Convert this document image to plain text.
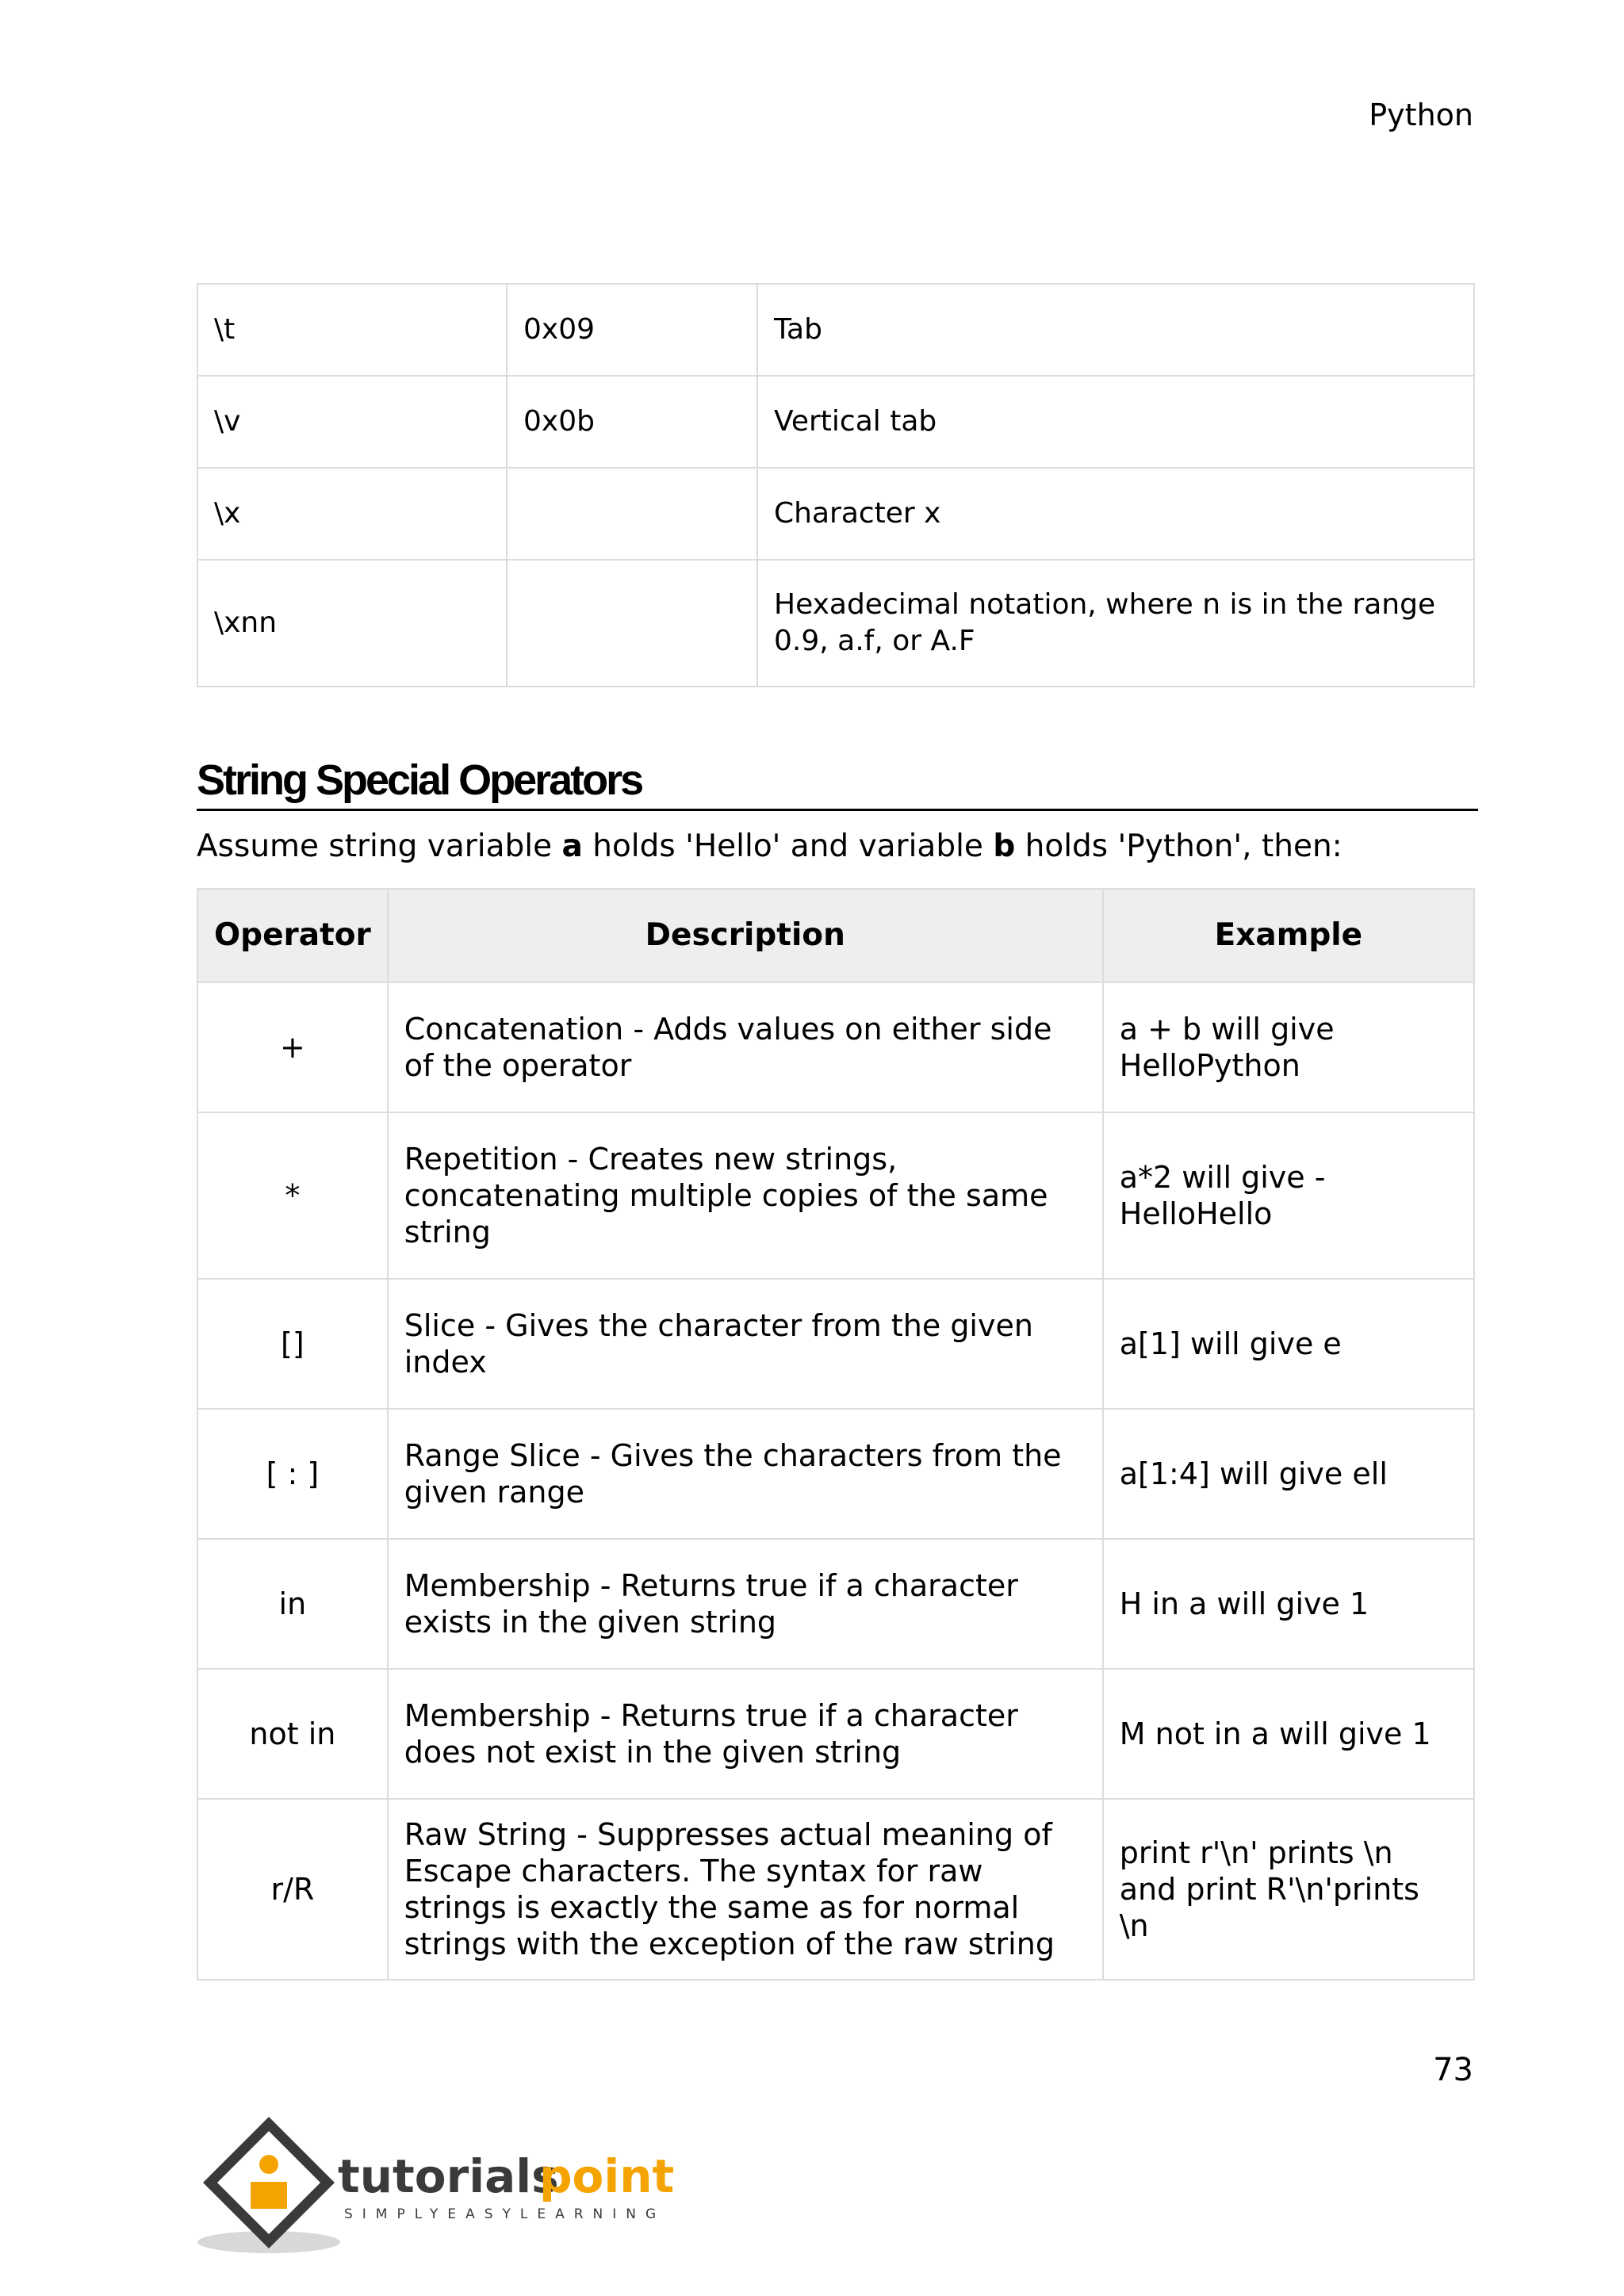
Python
\t	0x09	Tab
\v	0x0b	Vertical tab
\x		Character x
\xnn		Hexadecimal notation, where n is in the range 0.9, a.f, or A.F
String Special Operators

Assume string variable a holds 'Hello' and variable b holds 'Python', then:

Operator	Description	Example
+	Concatenation - Adds values on either side of the operator	a + b will give HelloPython
*	Repetition - Creates new strings, concatenating multiple copies of the same string	a*2 will give -HelloHello
[]	Slice - Gives the character from the given index	a[1] will give e
[ : ]	Range Slice - Gives the characters from the given range	a[1:4] will give ell
in	Membership - Returns true if a character exists in the given string	H in a will give 1
not in	Membership - Returns true if a character does not exist in the given string	M not in a will give 1
r/R	Raw String - Suppresses actual meaning of Escape characters. The syntax for raw strings is exactly the same as for normal strings with the exception of the raw string	print r'\n' prints \n and print R'\n'prints \n
73
tutorials
point
SIMPLYEASYLEARNING
